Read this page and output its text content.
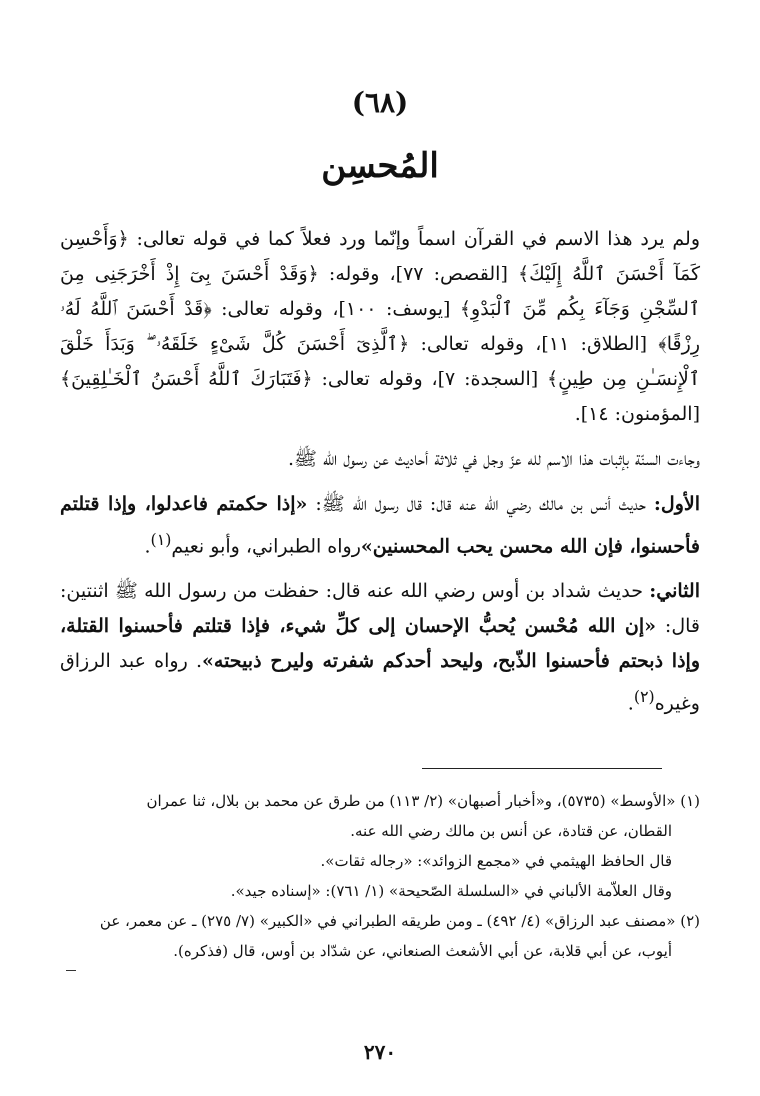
(٦٨)
المُحسِن

ولم يرد هذا الاسم في القرآن اسماً وإنّما ورد فعلاً كما في قوله تعالى: ﴿وَأَحْسِن كَمَآ أَحْسَنَ ٱللَّهُ إِلَيْكَ﴾ [القصص: ٧٧]، وقوله: ﴿وَقَدْ أَحْسَنَ بِىٓ إِذْ أَخْرَجَنِى مِنَ ٱلسِّجْنِ وَجَآءَ بِكُم مِّنَ ٱلْبَدْوِ﴾ [يوسف: ١٠٠]، وقوله تعالى: ﴿قَدْ أَحْسَنَ ٱللَّهُ لَهُۥ رِزْقًا﴾ [الطلاق: ١١]، وقوله تعالى: ﴿ٱلَّذِىٓ أَحْسَنَ كُلَّ شَىْءٍ خَلَقَهُۥ ۖ وَبَدَأَ خَلْقَ ٱلْإِنسَـٰنِ مِن طِينٍ﴾ [السجدة: ٧]، وقوله تعالى: ﴿فَتَبَارَكَ ٱللَّهُ أَحْسَنُ ٱلْخَـٰلِقِينَ﴾ [المؤمنون: ١٤].

وجاءت السنّة بإثبات هذا الاسم لله عزّ وجل في ثلاثة أحاديث عن رسول الله ﷺ.

الأول: حديث أنس بن مالك رضي الله عنه قال: قال رسول الله ﷺ: «إذا حكمتم فاعدلوا، وإذا قتلتم فأحسنوا، فإن الله محسن يحب المحسنين»رواه الطبراني، وأبو نعيم$^{(١)}$.

الثاني: حديث شداد بن أوس رضي الله عنه قال: حفظت من رسول الله ﷺ اثنتين: قال: «إن الله مُحْسن يُحبُّ الإحسان إلى كلِّ شيء، فإذا قتلتم فأحسنوا القتلة، وإذا ذبحتم فأحسنوا الذّبح، وليحد أحدكم شفرته وليرح ذبيحته». رواه عبد الرزاق وغيره$^{(٢)}$.

(١) «الأوسط» (٥٧٣٥)، و«أخبار أصبهان» (٢/ ١١٣) من طرق عن محمد بن بلال، ثنا عمران

القطان، عن قتادة، عن أنس بن مالك رضي الله عنه.

قال الحافظ الهيثمي في «مجمع الزوائد»: «رجاله ثقات».

وقال العلاّمة الألباني في «السلسلة الصّحيحة» (١/ ٧٦١): «إسناده جيد».

(٢) «مصنف عبد الرزاق» (٤/ ٤٩٢) ـ ومن طريقه الطبراني في «الكبير» (٧/ ٢٧٥) ـ عن معمر، عن

أيوب، عن أبي قلابة، عن أبي الأشعث الصنعاني، عن شدّاد بن أوس، قال (فذكره).

٢٧٠
